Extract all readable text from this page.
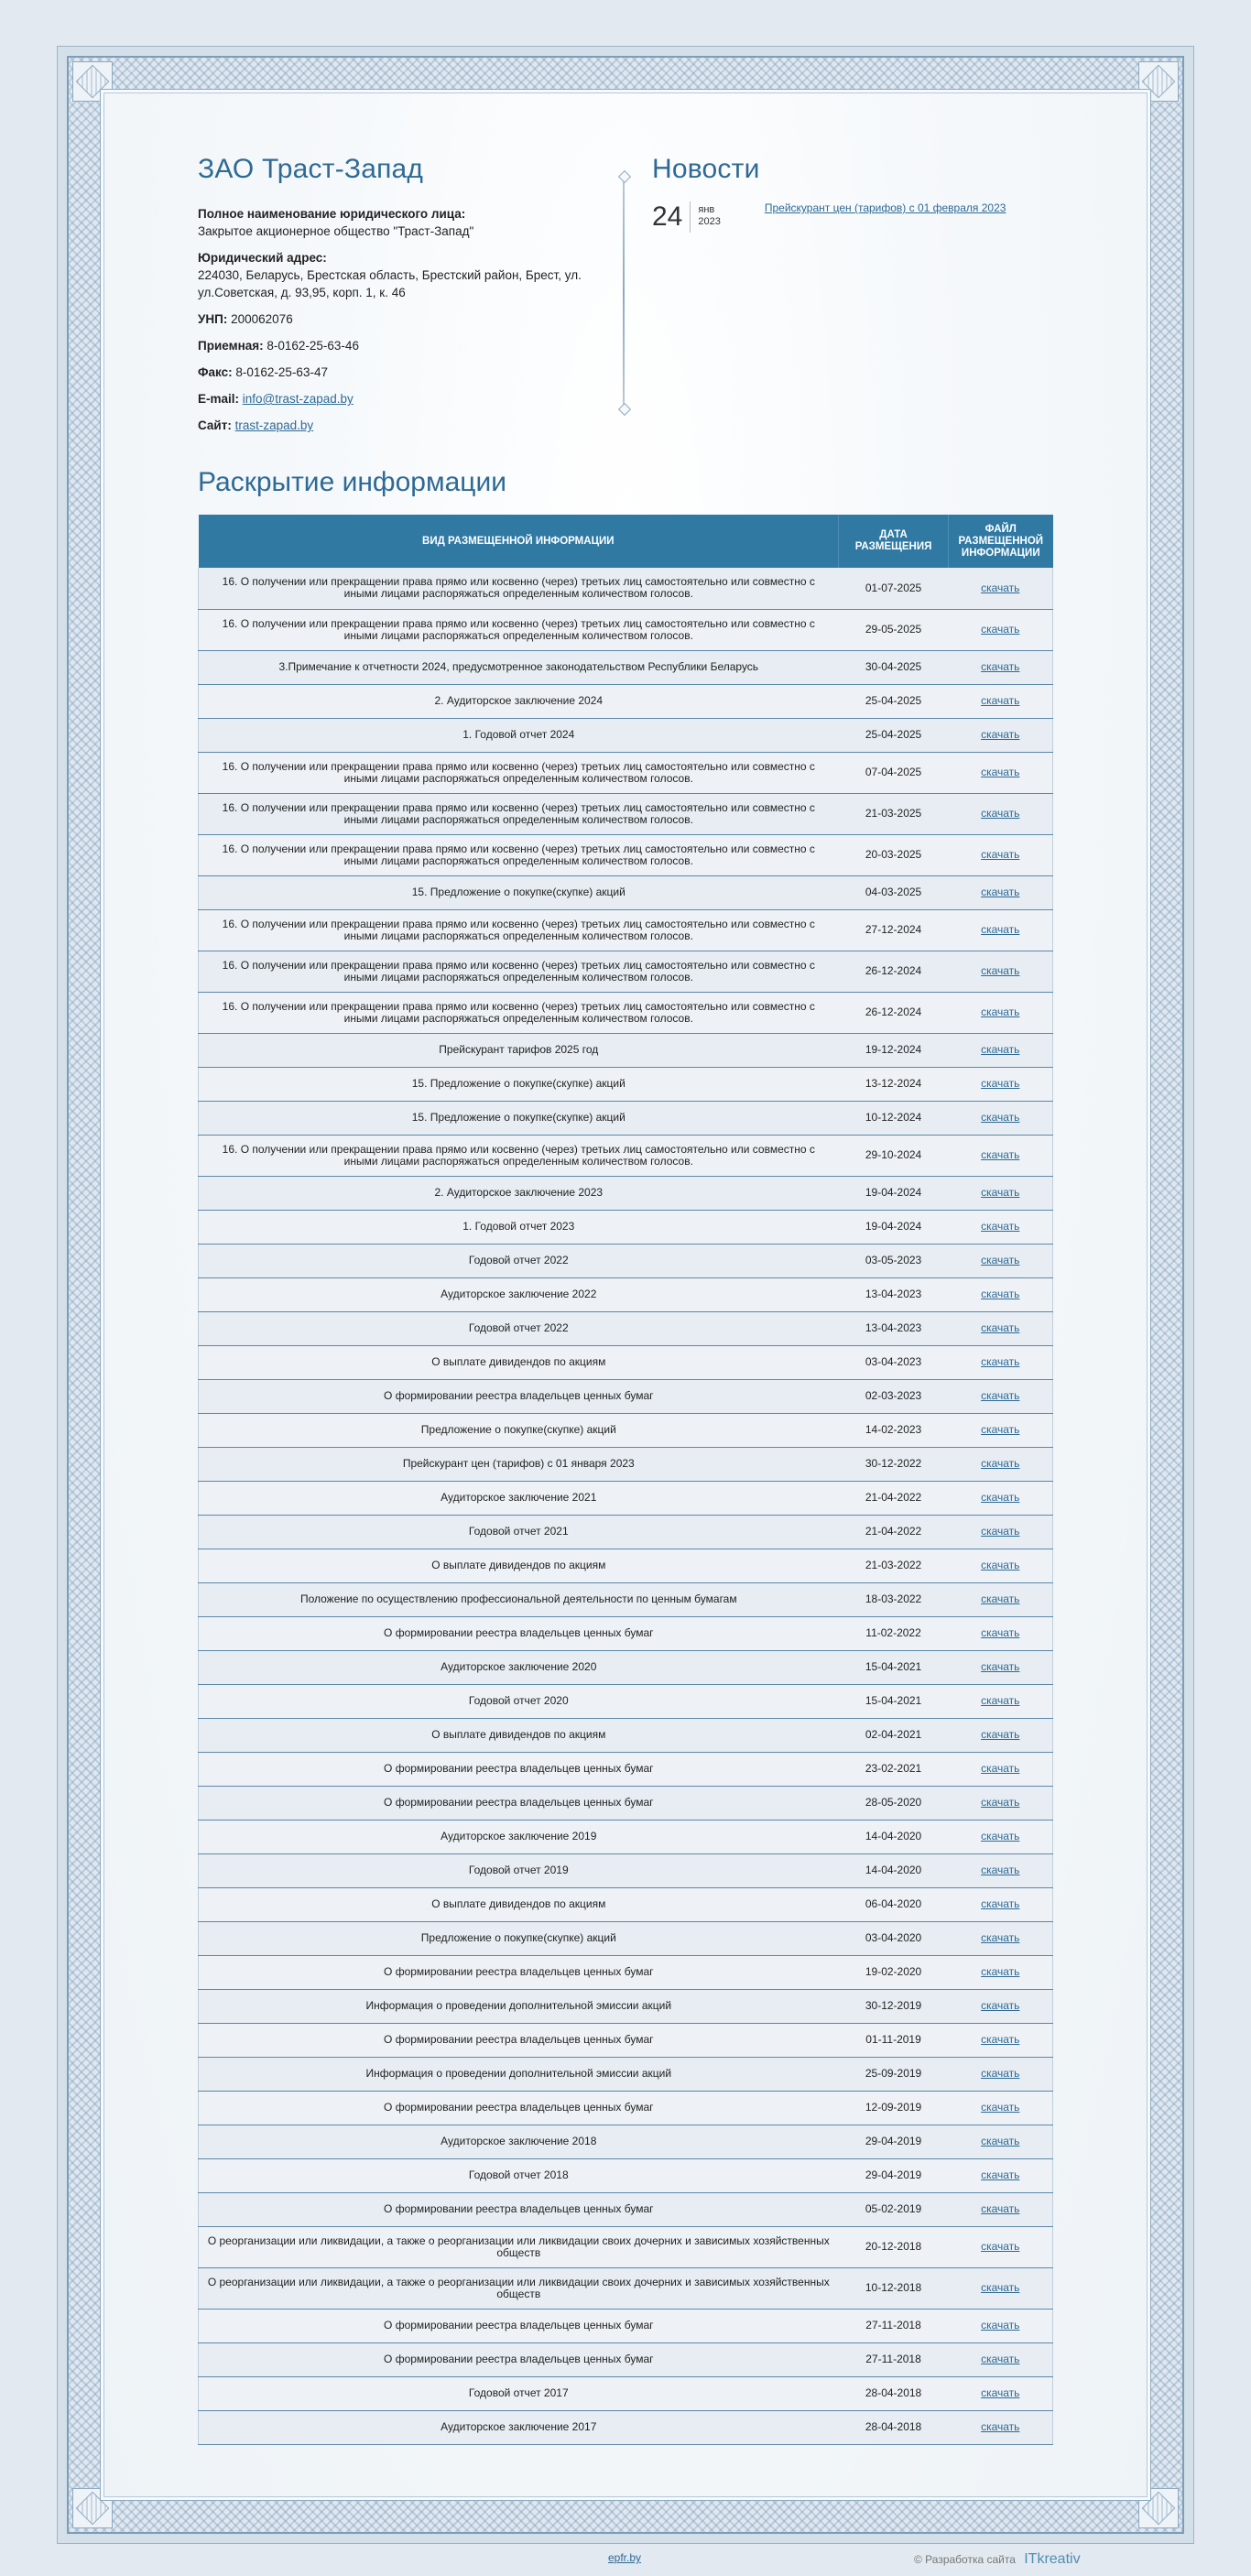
ЗАО Траст-Запад
Полное наименование юридического лица:
Закрытое акционерное общество "Траст-Запад"
Юридический адрес:
224030, Беларусь, Брестская область, Брестский район, Брест, ул. ул.Советская, д. 93,95, корп. 1, к. 46
УНП: 200062076
Приемная: 8-0162-25-63-46
Факс: 8-0162-25-63-47
E-mail: info@trast-zapad.by
Сайт: trast-zapad.by
Новости
24	янв
2023
Прейскурант цен (тарифов) с 01 февраля 2023
Раскрытие информации
ВИД РАЗМЕЩЕННОЙ ИНФОРМАЦИИ	ДАТА РАЗМЕЩЕНИЯ	ФАЙЛ РАЗМЕЩЕННОЙ ИНФОРМАЦИИ
16. О получении или прекращении права прямо или косвенно (через) третьих лиц самостоятельно или совместно с иными лицами распоряжаться определенным количеством голосов.	01-07-2025	скачать
16. О получении или прекращении права прямо или косвенно (через) третьих лиц самостоятельно или совместно с иными лицами распоряжаться определенным количеством голосов.	29-05-2025	скачать
3.Примечание к отчетности 2024, предусмотренное законодательством Республики Беларусь	30-04-2025	скачать
2. Аудиторское заключение 2024	25-04-2025	скачать
1. Годовой отчет 2024	25-04-2025	скачать
16. О получении или прекращении права прямо или косвенно (через) третьих лиц самостоятельно или совместно с иными лицами распоряжаться определенным количеством голосов.	07-04-2025	скачать
16. О получении или прекращении права прямо или косвенно (через) третьих лиц самостоятельно или совместно с иными лицами распоряжаться определенным количеством голосов.	21-03-2025	скачать
16. О получении или прекращении права прямо или косвенно (через) третьих лиц самостоятельно или совместно с иными лицами распоряжаться определенным количеством голосов.	20-03-2025	скачать
15. Предложение о покупке(скупке) акций	04-03-2025	скачать
16. О получении или прекращении права прямо или косвенно (через) третьих лиц самостоятельно или совместно с иными лицами распоряжаться определенным количеством голосов.	27-12-2024	скачать
16. О получении или прекращении права прямо или косвенно (через) третьих лиц самостоятельно или совместно с иными лицами распоряжаться определенным количеством голосов.	26-12-2024	скачать
16. О получении или прекращении права прямо или косвенно (через) третьих лиц самостоятельно или совместно с иными лицами распоряжаться определенным количеством голосов.	26-12-2024	скачать
Прейскурант тарифов 2025 год	19-12-2024	скачать
15. Предложение о покупке(скупке) акций	13-12-2024	скачать
15. Предложение о покупке(скупке) акций	10-12-2024	скачать
16. О получении или прекращении права прямо или косвенно (через) третьих лиц самостоятельно или совместно с иными лицами распоряжаться определенным количеством голосов.	29-10-2024	скачать
2. Аудиторское заключение 2023	19-04-2024	скачать
1. Годовой отчет 2023	19-04-2024	скачать
Годовой отчет 2022	03-05-2023	скачать
Аудиторское заключение 2022	13-04-2023	скачать
Годовой отчет 2022	13-04-2023	скачать
О выплате дивидендов по акциям	03-04-2023	скачать
О формировании реестра владельцев ценных бумаг	02-03-2023	скачать
Предложение о покупке(скупке) акций	14-02-2023	скачать
Прейскурант цен (тарифов) с 01 января 2023	30-12-2022	скачать
Аудиторское заключение 2021	21-04-2022	скачать
Годовой отчет 2021	21-04-2022	скачать
О выплате дивидендов по акциям	21-03-2022	скачать
Положение по осуществлению профессиональной деятельности по ценным бумагам	18-03-2022	скачать
О формировании реестра владельцев ценных бумаг	11-02-2022	скачать
Аудиторское заключение 2020	15-04-2021	скачать
Годовой отчет 2020	15-04-2021	скачать
О выплате дивидендов по акциям	02-04-2021	скачать
О формировании реестра владельцев ценных бумаг	23-02-2021	скачать
О формировании реестра владельцев ценных бумаг	28-05-2020	скачать
Аудиторское заключение 2019	14-04-2020	скачать
Годовой отчет 2019	14-04-2020	скачать
О выплате дивидендов по акциям	06-04-2020	скачать
Предложение о покупке(скупке) акций	03-04-2020	скачать
О формировании реестра владельцев ценных бумаг	19-02-2020	скачать
Информация о проведении дополнительной эмиссии акций	30-12-2019	скачать
О формировании реестра владельцев ценных бумаг	01-11-2019	скачать
Информация о проведении дополнительной эмиссии акций	25-09-2019	скачать
О формировании реестра владельцев ценных бумаг	12-09-2019	скачать
Аудиторское заключение 2018	29-04-2019	скачать
Годовой отчет 2018	29-04-2019	скачать
О формировании реестра владельцев ценных бумаг	05-02-2019	скачать
О реорганизации или ликвидации, а также о реорганизации или ликвидации своих дочерних и зависимых хозяйственных обществ	20-12-2018	скачать
О реорганизации или ликвидации, а также о реорганизации или ликвидации своих дочерних и зависимых хозяйственных обществ	10-12-2018	скачать
О формировании реестра владельцев ценных бумаг	27-11-2018	скачать
О формировании реестра владельцев ценных бумаг	27-11-2018	скачать
Годовой отчет 2017	28-04-2018	скачать
Аудиторское заключение 2017	28-04-2018	скачать
epfr.by	© Разработка сайта ITkreativ
